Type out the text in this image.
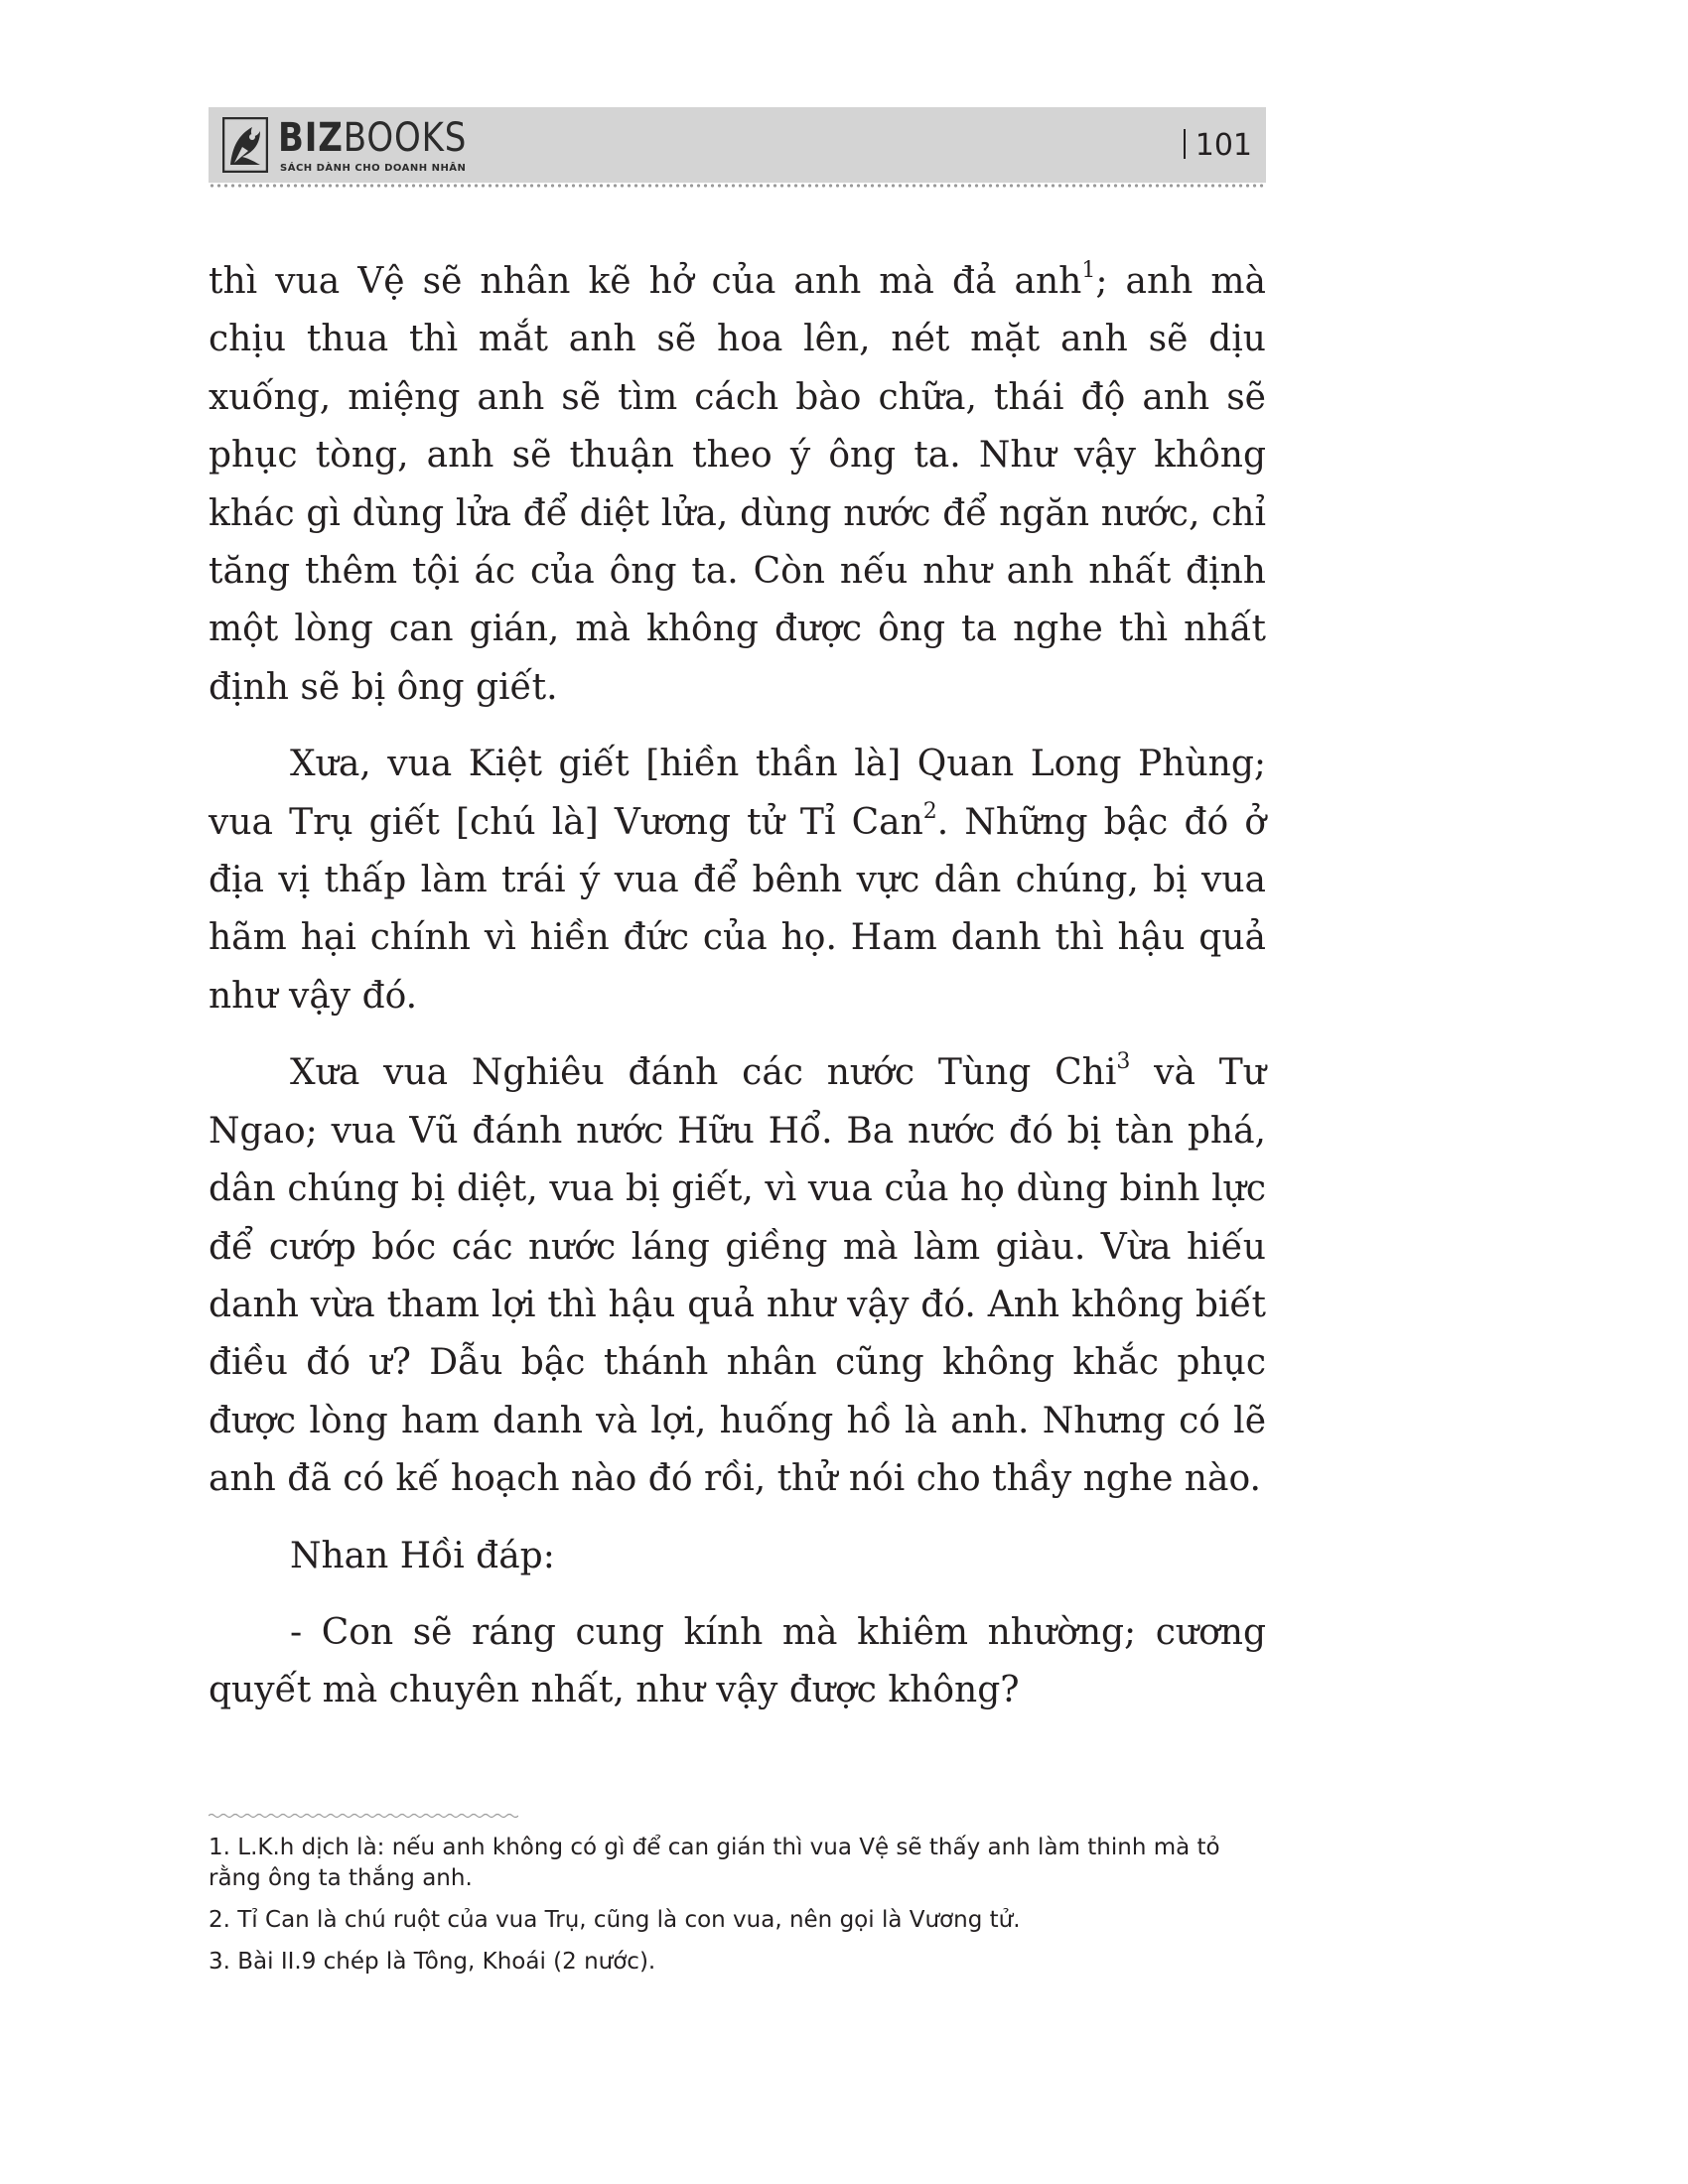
BIZBOOKS
SÁCH DÀNH CHO DOANH NHÂN
101

thì vua Vệ sẽ nhân kẽ hở của anh mà đả anh$^1$; anh mà chịu thua thì mắt anh sẽ hoa lên, nét mặt anh sẽ dịu xuống, miệng anh sẽ tìm cách bào chữa, thái độ anh sẽ phục tòng, anh sẽ thuận theo ý ông ta. Như vậy không khác gì dùng lửa để diệt lửa, dùng nước để ngăn nước, chỉ tăng thêm tội ác của ông ta. Còn nếu như anh nhất định một lòng can gián, mà không được ông ta nghe thì nhất định sẽ bị ông giết.

Xưa, vua Kiệt giết [hiền thần là] Quan Long Phùng; vua Trụ giết [chú là] Vương tử Tỉ Can$^2$. Những bậc đó ở địa vị thấp làm trái ý vua để bênh vực dân chúng, bị vua hãm hại chính vì hiền đức của họ. Ham danh thì hậu quả như vậy đó.

Xưa vua Nghiêu đánh các nước Tùng Chi$^3$ và Tư Ngao; vua Vũ đánh nước Hữu Hổ. Ba nước đó bị tàn phá, dân chúng bị diệt, vua bị giết, vì vua của họ dùng binh lực để cướp bóc các nước láng giềng mà làm giàu. Vừa hiếu danh vừa tham lợi thì hậu quả như vậy đó. Anh không biết điều đó ư? Dẫu bậc thánh nhân cũng không khắc phục được lòng ham danh và lợi, huống hồ là anh. Nhưng có lẽ anh đã có kế hoạch nào đó rồi, thử nói cho thầy nghe nào.

Nhan Hồi đáp:

- Con sẽ ráng cung kính mà khiêm nhường; cương quyết mà chuyên nhất, như vậy được không?

1. L.K.h dịch là: nếu anh không có gì để can gián thì vua Vệ sẽ thấy anh làm thinh mà tỏ rằng ông ta thắng anh.

2. Tỉ Can là chú ruột của vua Trụ, cũng là con vua, nên gọi là Vương tử.

3. Bài II.9 chép là Tông, Khoái (2 nước).
